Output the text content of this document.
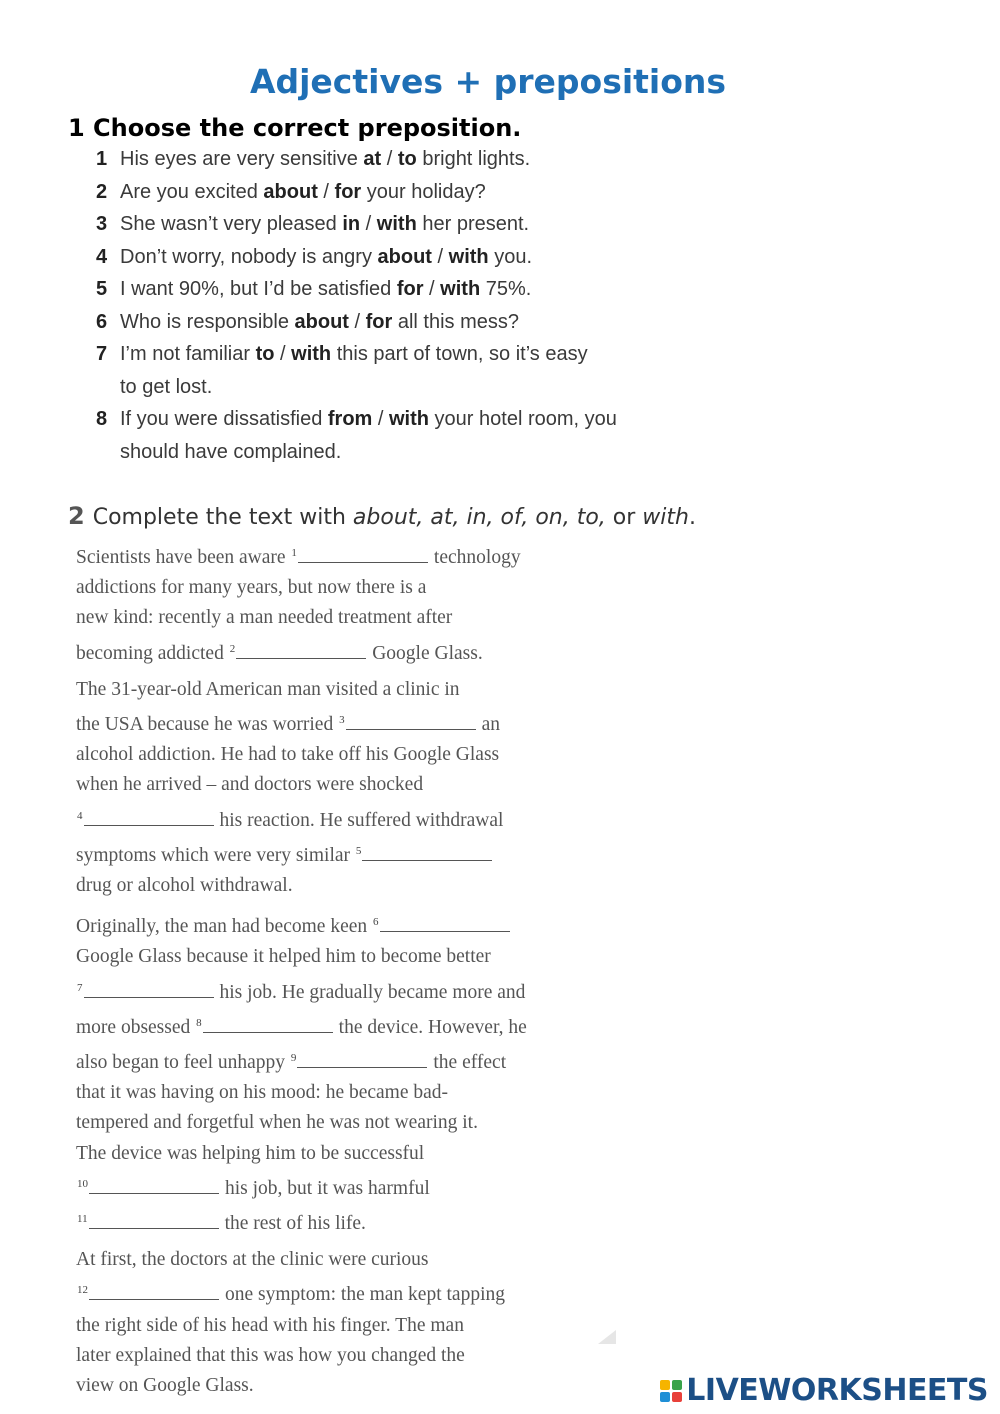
Adjectives + prepositions
1 Choose the correct preposition.
1 His eyes are very sensitive at / to bright lights.
2 Are you excited about / for your holiday?
3 She wasn’t very pleased in / with her present.
4 Don’t worry, nobody is angry about / with you.
5 I want 90%, but I’d be satisfied for / with 75%.
6 Who is responsible about / for all this mess?
7 I’m not familiar to / with this part of town, so it’s easy
to get lost.
8 If you were dissatisfied from / with your hotel room, you
should have complained.
2 Complete the text with about, at, in, of, on, to, or with.
Scientists have been aware $^1$	technology
addictions for many years, but now there is a
new kind: recently a man needed treatment after
becoming addicted $^2$	Google Glass.
The 31-year-old American man visited a clinic in
the USA because he was worried $^3$	an
alcohol addiction. He had to take off his Google Glass
when he arrived – and doctors were shocked
$^4$	his reaction. He suffered withdrawal
symptoms which were very similar $^5$
drug or alcohol withdrawal.
Originally, the man had become keen $^6$
Google Glass because it helped him to become better
$^7$	his job. He gradually became more and
more obsessed $^8$	the device. However, he
also began to feel unhappy $^9$	the effect
that it was having on his mood: he became bad-
tempered and forgetful when he was not wearing it.
The device was helping him to be successful
$^{10}$	his job, but it was harmful
$^{11}$	the rest of his life.
At first, the doctors at the clinic were curious
$^{12}$	one symptom: the man kept tapping
the right side of his head with his finger. The man
later explained that this was how you changed the
view on Google Glass.	LIVEWORKSHEETS
